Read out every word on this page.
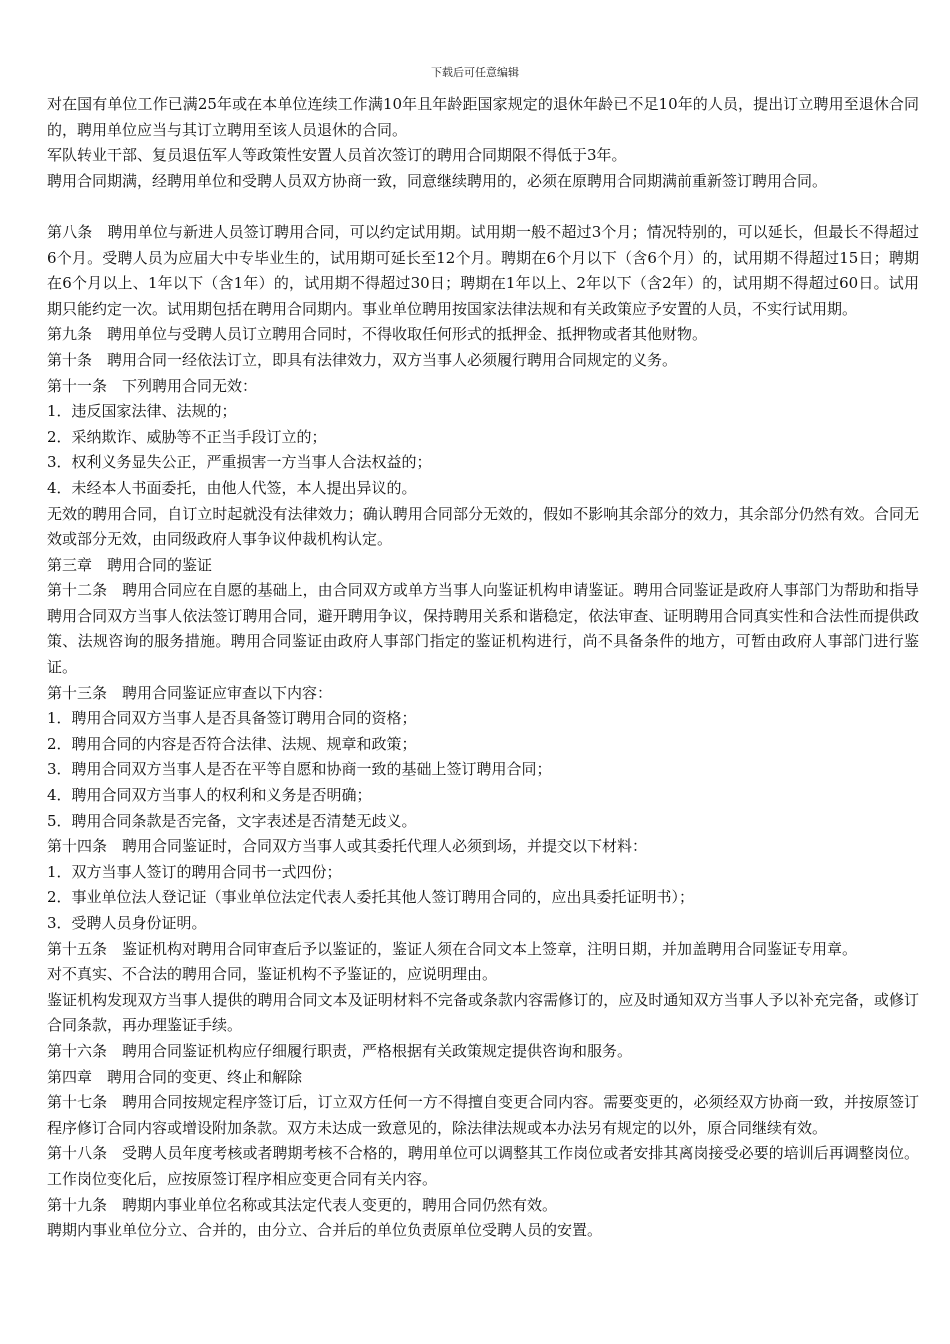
下载后可任意编辑

对在国有单位工作已满25年或在本单位连续工作满10年且年龄距国家规定的退休年龄已不足10年的人员，提出订立聘用至退休合同的，聘用单位应当与其订立聘用至该人员退休的合同。

军队转业干部、复员退伍军人等政策性安置人员首次签订的聘用合同期限不得低于3年。

聘用合同期满，经聘用单位和受聘人员双方协商一致，同意继续聘用的，必须在原聘用合同期满前重新签订聘用合同。

第八条　聘用单位与新进人员签订聘用合同，可以约定试用期。试用期一般不超过3个月；情况特别的，可以延长，但最长不得超过6个月。受聘人员为应届大中专毕业生的，试用期可延长至12个月。聘期在6个月以下（含6个月）的，试用期不得超过15日；聘期在6个月以上、1年以下（含1年）的，试用期不得超过30日；聘期在1年以上、2年以下（含2年）的，试用期不得超过60日。试用期只能约定一次。试用期包括在聘用合同期内。事业单位聘用按国家法律法规和有关政策应予安置的人员，不实行试用期。

第九条　聘用单位与受聘人员订立聘用合同时，不得收取任何形式的抵押金、抵押物或者其他财物。

第十条　聘用合同一经依法订立，即具有法律效力，双方当事人必须履行聘用合同规定的义务。

第十一条　下列聘用合同无效：

1．违反国家法律、法规的；

2．采纳欺诈、威胁等不正当手段订立的；

3．权利义务显失公正，严重损害一方当事人合法权益的；

4．未经本人书面委托，由他人代签，本人提出异议的。

无效的聘用合同，自订立时起就没有法律效力；确认聘用合同部分无效的，假如不影响其余部分的效力，其余部分仍然有效。合同无效或部分无效，由同级政府人事争议仲裁机构认定。

第三章　聘用合同的鉴证

第十二条　聘用合同应在自愿的基础上，由合同双方或单方当事人向鉴证机构申请鉴证。聘用合同鉴证是政府人事部门为帮助和指导聘用合同双方当事人依法签订聘用合同，避开聘用争议，保持聘用关系和谐稳定，依法审查、证明聘用合同真实性和合法性而提供政策、法规咨询的服务措施。聘用合同鉴证由政府人事部门指定的鉴证机构进行，尚不具备条件的地方，可暂由政府人事部门进行鉴证。

第十三条　聘用合同鉴证应审查以下内容：

1．聘用合同双方当事人是否具备签订聘用合同的资格；

2．聘用合同的内容是否符合法律、法规、规章和政策；

3．聘用合同双方当事人是否在平等自愿和协商一致的基础上签订聘用合同；

4．聘用合同双方当事人的权利和义务是否明确；

5．聘用合同条款是否完备，文字表述是否清楚无歧义。

第十四条　聘用合同鉴证时，合同双方当事人或其委托代理人必须到场，并提交以下材料：

1．双方当事人签订的聘用合同书一式四份；

2．事业单位法人登记证（事业单位法定代表人委托其他人签订聘用合同的，应出具委托证明书）；

3．受聘人员身份证明。

第十五条　鉴证机构对聘用合同审查后予以鉴证的，鉴证人须在合同文本上签章，注明日期，并加盖聘用合同鉴证专用章。

对不真实、不合法的聘用合同，鉴证机构不予鉴证的，应说明理由。

鉴证机构发现双方当事人提供的聘用合同文本及证明材料不完备或条款内容需修订的，应及时通知双方当事人予以补充完备，或修订合同条款，再办理鉴证手续。

第十六条　聘用合同鉴证机构应仔细履行职责，严格根据有关政策规定提供咨询和服务。

第四章　聘用合同的变更、终止和解除

第十七条　聘用合同按规定程序签订后，订立双方任何一方不得擅自变更合同内容。需要变更的，必须经双方协商一致，并按原签订程序修订合同内容或增设附加条款。双方未达成一致意见的，除法律法规或本办法另有规定的以外，原合同继续有效。

第十八条　受聘人员年度考核或者聘期考核不合格的，聘用单位可以调整其工作岗位或者安排其离岗接受必要的培训后再调整岗位。工作岗位变化后，应按原签订程序相应变更合同有关内容。

第十九条　聘期内事业单位名称或其法定代表人变更的，聘用合同仍然有效。

聘期内事业单位分立、合并的，由分立、合并后的单位负责原单位受聘人员的安置。
